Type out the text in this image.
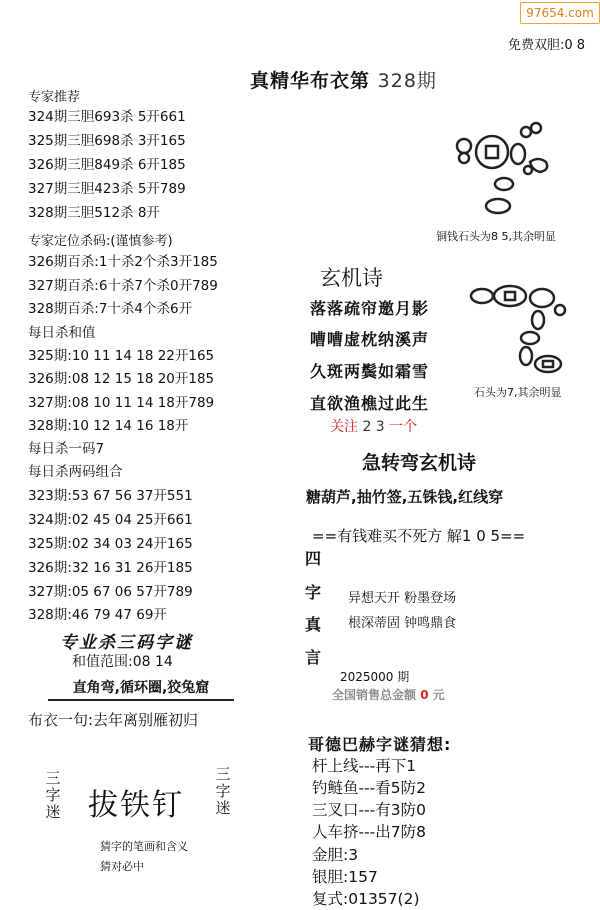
97654.com
免费双胆:0 8
真精华布衣第 328期
专家推荐
324期三胆693杀 5开661
325期三胆698杀 3开165
326期三胆849杀 6开185
327期三胆423杀 5开789
328期三胆512杀 8开
专家定位杀码:(谨慎参考)
326期百杀:1十杀2个杀3开185
327期百杀:6十杀7个杀0开789
328期百杀:7十杀4个杀6开
每日杀和值
325期:10 11 14 18 22开165
326期:08 12 15 18 20开185
327期:08 10 11 14 18开789
328期:10 12 14 16 18开
每日杀一码7
每日杀两码组合
323期:53 67 56 37开551
324期:02 45 04 25开661
325期:02 34 03 24开165
326期:32 16 31 26开185
327期:05 67 06 57开789
328期:46 79 47 69开
专业杀三码字谜
和值范围:08 14
直角弯,循环圈,狡兔窟
布衣一句:去年离别雁初归
三字迷 拔铁钉
三字迷
猜字的笔画和含义
猜对必中
铜钱石头为8 5,其余明显
石头为7,其余明显
玄机诗
落落疏帘邀月影
嘈嘈虚枕纳溪声
久斑两鬓如霜雪
直欲渔樵过此生
关注 2 3 一个
急转弯玄机诗
糖葫芦,抽竹签,五铢钱,红线穿
==有钱难买不死方 解1 0 5==
四
字
真
言
异想天开 粉墨登场
根深蒂固 钟鸣鼎食
2025000 期
全国销售总金额 0 元
哥德巴赫字谜猜想:
杆上线---再下1
钓鲢鱼---看5防2
三叉口---有3防0
人车挤---出7防8
金胆:3
银胆:157
复式:01357(2)
